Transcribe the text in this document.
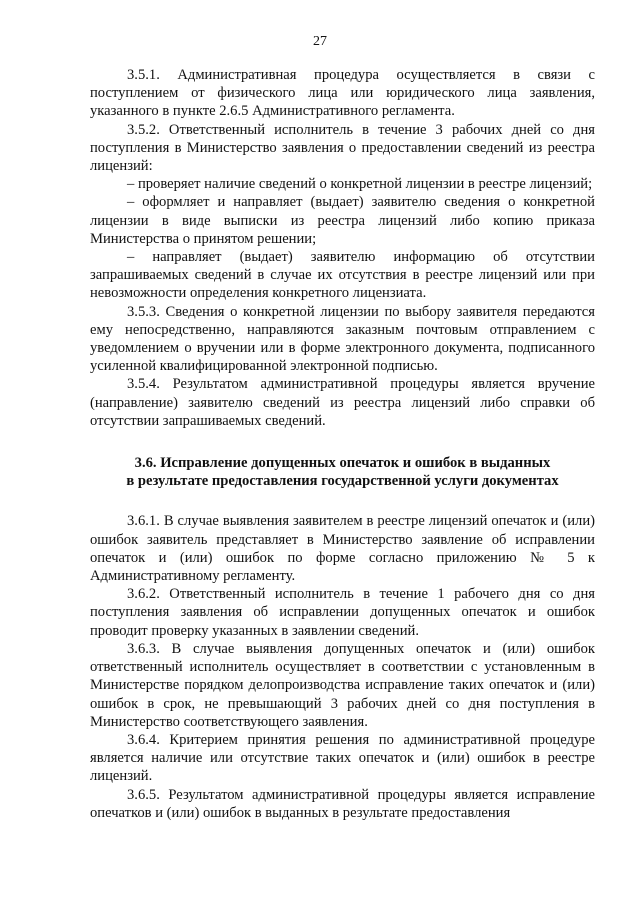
27

3.5.1. Административная процедура осуществляется в связи с поступлением от физического лица или юридического лица заявления, указанного в пункте 2.6.5 Административного регламента.

3.5.2. Ответственный исполнитель в течение 3 рабочих дней со дня поступления в Министерство заявления о предоставлении сведений из реестра лицензий:

– проверяет наличие сведений о конкретной лицензии в реестре лицензий;

– оформляет и направляет (выдает) заявителю сведения о конкретной лицензии в виде выписки из реестра лицензий либо копию приказа Министерства о принятом решении;

– направляет (выдает) заявителю информацию об отсутствии запрашиваемых сведений в случае их отсутствия в реестре лицензий или при невозможности определения конкретного лицензиата.

3.5.3. Сведения о конкретной лицензии по выбору заявителя передаются ему непосредственно, направляются заказным почтовым отправлением с уведомлением о вручении или в форме электронного документа, подписанного усиленной квалифицированной электронной подписью.

3.5.4. Результатом административной процедуры является вручение (направление) заявителю сведений из реестра лицензий либо справки об отсутствии запрашиваемых сведений.

3.6. Исправление допущенных опечаток и ошибок в выданных
в результате предоставления государственной услуги документах

3.6.1. В случае выявления заявителем в реестре лицензий опечаток и (или) ошибок заявитель представляет в Министерство заявление об исправлении опечаток и (или) ошибок по форме согласно приложению № 5 к Административному регламенту.

3.6.2. Ответственный исполнитель в течение 1 рабочего дня со дня поступления заявления об исправлении допущенных опечаток и ошибок проводит проверку указанных в заявлении сведений.

3.6.3. В случае выявления допущенных опечаток и (или) ошибок ответственный исполнитель осуществляет в соответствии с установленным в Министерстве порядком делопроизводства исправление таких опечаток и (или) ошибок в срок, не превышающий 3 рабочих дней со дня поступления в Министерство соответствующего заявления.

3.6.4. Критерием принятия решения по административной процедуре является наличие или отсутствие таких опечаток и (или) ошибок в реестре лицензий.

3.6.5. Результатом административной процедуры является исправление опечатков и (или) ошибок в выданных в результате предоставления
